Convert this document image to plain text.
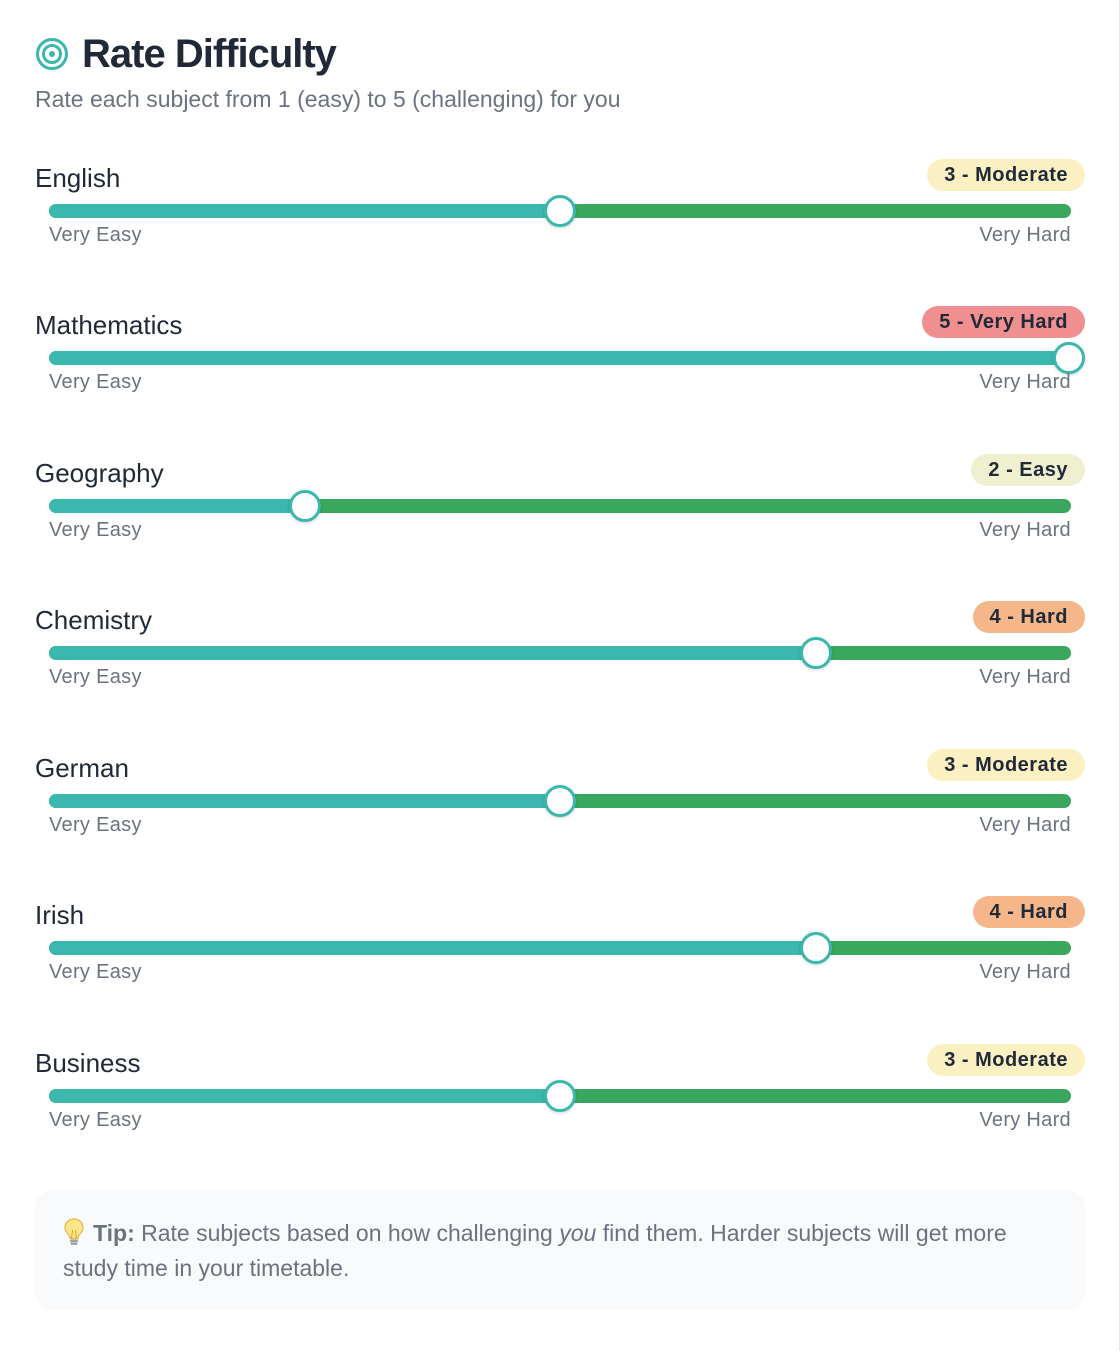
Rate Difficulty

Rate each subject from 1 (easy) to 5 (challenging) for you

English	3 - Moderate
Very Easy	Very Hard
Mathematics	5 - Very Hard
Very Easy	Very Hard
Geography	2 - Easy
Very Easy	Very Hard
Chemistry	4 - Hard
Very Easy	Very Hard
German	3 - Moderate
Very Easy	Very Hard
Irish	4 - Hard
Very Easy	Very Hard
Business	3 - Moderate
Very Easy	Very Hard
Tip: Rate subjects based on how challenging you find them. Harder subjects will get more study time in your timetable.
